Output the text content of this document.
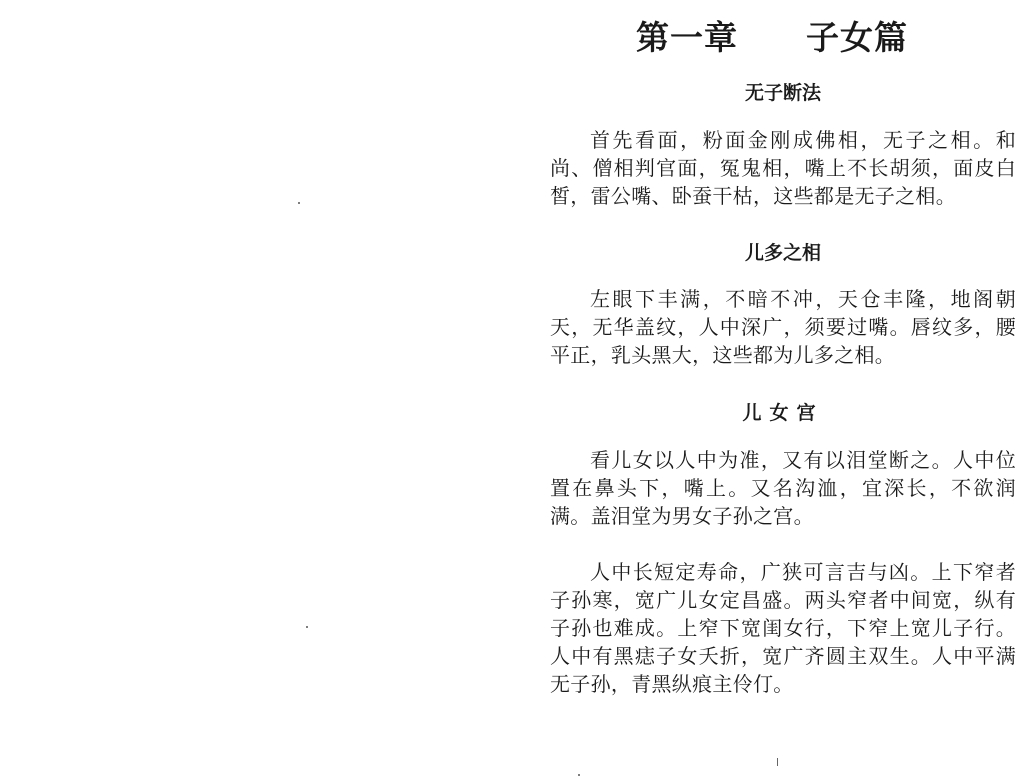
第一章　　子女篇
无子断法

首先看面，粉面金刚成佛相，无子之相。和尚、僧相判官面，冤鬼相，嘴上不长胡须，面皮白皙，雷公嘴、卧蚕干枯，这些都是无子之相。

儿多之相

左眼下丰满，不暗不冲，天仓丰隆，地阁朝天，无华盖纹，人中深广，须要过嘴。唇纹多，腰平正，乳头黑大，这些都为儿多之相。

儿女宫

看儿女以人中为准，又有以泪堂断之。人中位置在鼻头下，嘴上。又名沟洫，宜深长，不欲润满。盖泪堂为男女子孙之宫。

人中长短定寿命，广狭可言吉与凶。上下窄者子孙寒，宽广儿女定昌盛。两头窄者中间宽，纵有子孙也难成。上窄下宽闺女行，下窄上宽儿子行。人中有黑痣子女夭折，宽广齐圆主双生。人中平满无子孙，青黑纵痕主伶仃。
